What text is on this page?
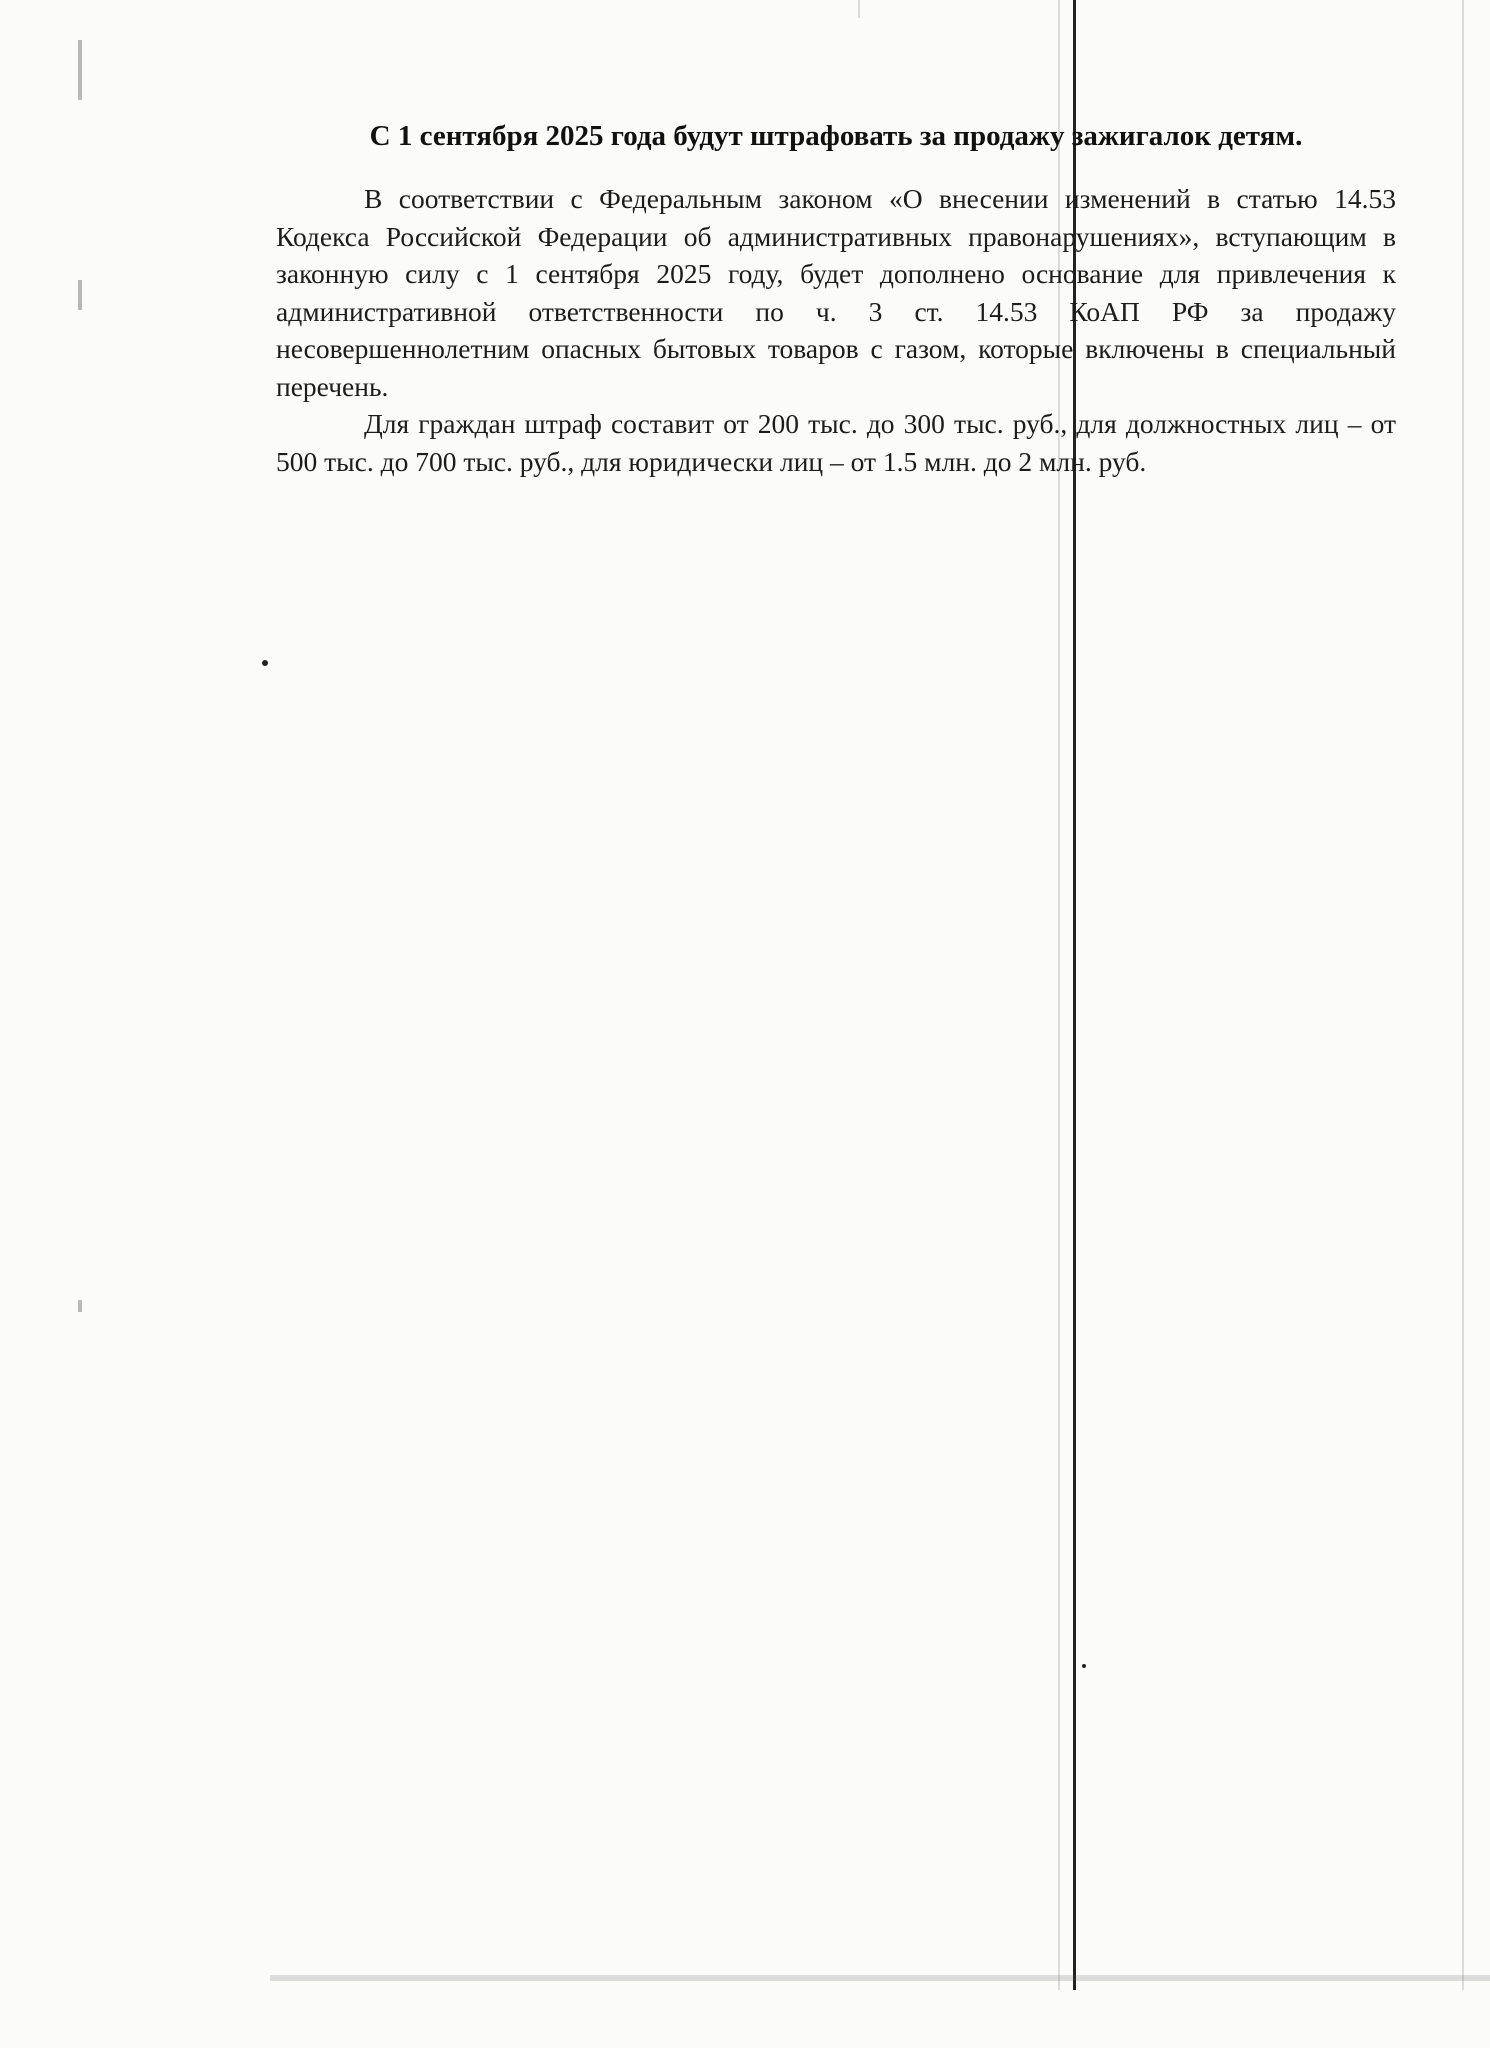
С 1 сентября 2025 года будут штрафовать за продажу зажигалок детям.

В соответствии с Федеральным законом «О внесении изменений в статью 14.53 Кодекса Российской Федерации об административных правонарушениях», вступающим в законную силу с 1 сентября 2025 году, будет дополнено основание для привлечения к административной ответственности по ч. 3 ст. 14.53 КоАП РФ за продажу несовершеннолетним опасных бытовых товаров с газом, которые включены в специальный перечень.

Для граждан штраф составит от 200 тыс. до 300 тыс. руб., для должностных лиц – от 500 тыс. до 700 тыс. руб., для юридически лиц – от 1.5 млн. до 2 млн. руб.
